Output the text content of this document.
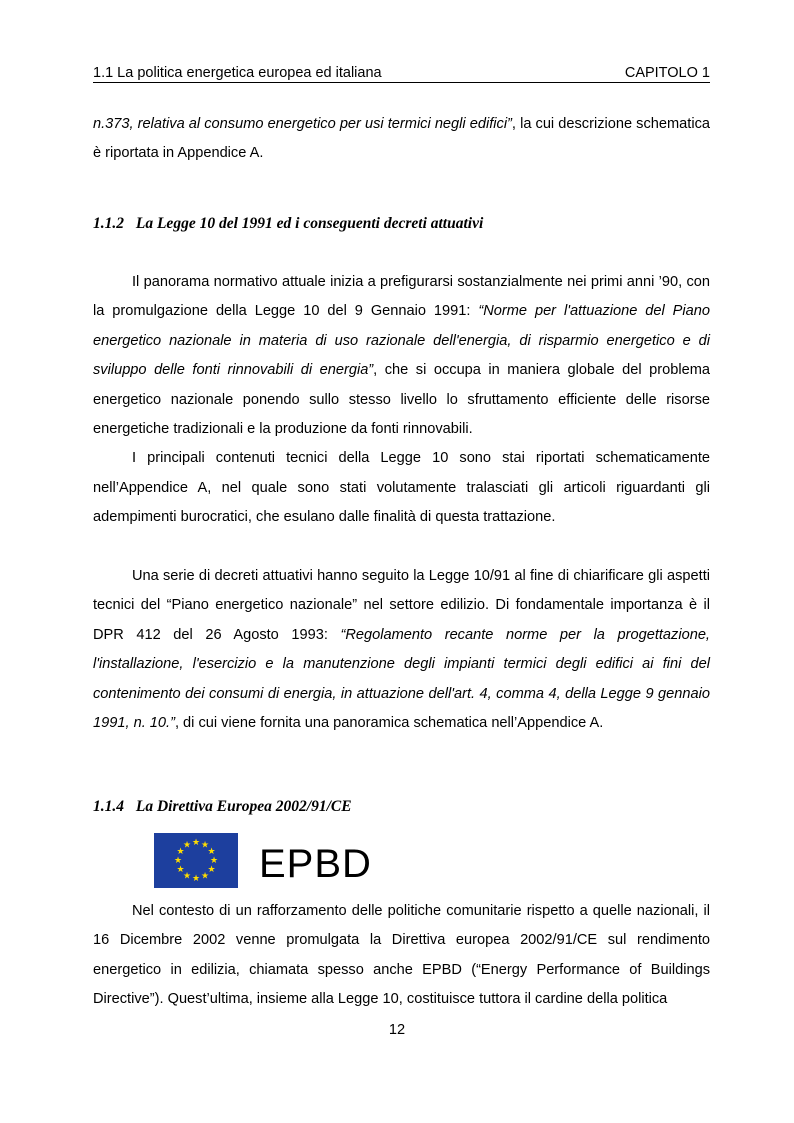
1.1 La politica energetica europea ed italiana	CAPITOLO 1

n.373, relativa al consumo energetico per usi termici negli edifici”, la cui descrizione schematica è riportata in Appendice A.

1.1.2 La Legge 10 del 1991 ed i conseguenti decreti attuativi

Il panorama normativo attuale inizia a prefigurarsi sostanzialmente nei primi anni ’90, con la promulgazione della Legge 10 del 9 Gennaio 1991: “Norme per l'attuazione del Piano energetico nazionale in materia di uso razionale dell'energia, di risparmio energetico e di sviluppo delle fonti rinnovabili di energia”, che si occupa in maniera globale del problema energetico nazionale ponendo sullo stesso livello lo sfruttamento efficiente delle risorse energetiche tradizionali e la produzione da fonti rinnovabili.

I principali contenuti tecnici della Legge 10 sono stai riportati schematicamente nell’Appendice A, nel quale sono stati volutamente tralasciati gli articoli riguardanti gli adempimenti burocratici, che esulano dalle finalità di questa trattazione.

Una serie di decreti attuativi hanno seguito la Legge 10/91 al fine di chiarificare gli aspetti tecnici del “Piano energetico nazionale” nel settore edilizio. Di fondamentale importanza è il DPR 412 del 26 Agosto 1993: “Regolamento recante norme per la progettazione, l'installazione, l'esercizio e la manutenzione degli impianti termici degli edifici ai fini del contenimento dei consumi di energia, in attuazione dell'art. 4, comma 4, della Legge 9 gennaio 1991, n. 10.”, di cui viene fornita una panoramica schematica nell’Appendice A.

1.1.4 La Direttiva Europea 2002/91/CE
★ ★
★
★
★
★
★
★
★
★
★
★ EPBD

Nel contesto di un rafforzamento delle politiche comunitarie rispetto a quelle nazionali, il 16 Dicembre 2002 venne promulgata la Direttiva europea 2002/91/CE sul rendimento energetico in edilizia, chiamata spesso anche EPBD (“Energy Performance of Buildings Directive”). Quest’ultima, insieme alla Legge 10, costituisce tuttora il cardine della politica

12
